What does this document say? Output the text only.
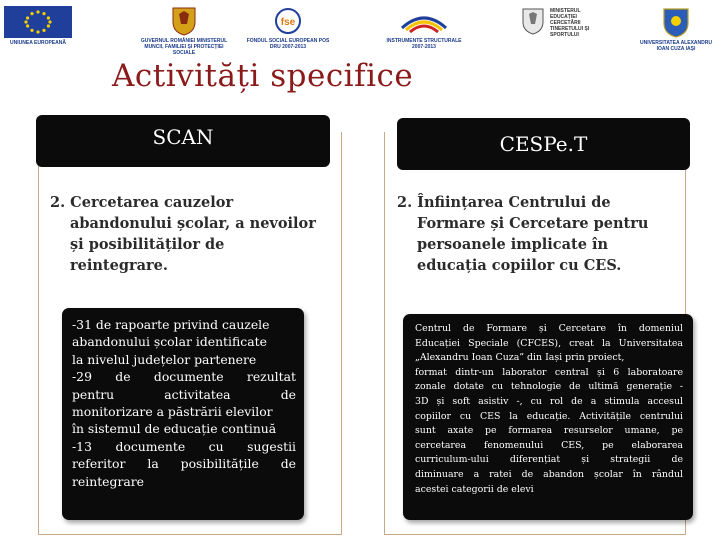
UNIUNEA EUROPEANĂ	GUVERNUL ROMÂNIEI MINISTERUL MUNCII, FAMILIEI ȘI PROTECȚIEI SOCIALE
fse
FONDUL SOCIAL EUROPEAN POS DRU 2007-2013
INSTRUMENTE STRUCTURALE 2007-2013
MINISTERUL EDUCAȚIEI CERCETĂRII TINERETULUI ȘI SPORTULUI
UNIVERSITATEA ALEXANDRU IOAN CUZA IAȘI
Activități specifice
SCAN
2. Cercetarea cauzelor
abandonului școlar, a nevoilor și posibilităților de reintegrare.
-31 de rapoarte privind cauzele
abandonului școlar identificate
la nivelul județelor partenere
-29 de documente rezultat
pentru activitatea de
monitorizare a păstrării elevilor
în sistemul de educație continuă
-13 documente cu sugestii
referitor la posibilitățile de
reintegrare
CESPe.T
2. Înființarea Centrului de
Formare și Cercetare pentru persoanele implicate în educația copiilor cu CES.
Centrul de Formare și Cercetare în domeniul
Educației Speciale (CFCES), creat la Universitatea
„Alexandru Ioan Cuza” din Iași prin proiect,
format dintr-un laborator central și 6 laboratoare
zonale dotate cu tehnologie de ultimă generație -
3D și soft asistiv -, cu rol de a stimula accesul
copiilor cu CES la educație. Activitățile centrului
sunt axate pe formarea resurselor umane, pe
cercetarea fenomenului CES, pe elaborarea
curriculum-ului diferențiat și strategii de
diminuare a ratei de abandon școlar în rândul
acestei categorii de elevi
